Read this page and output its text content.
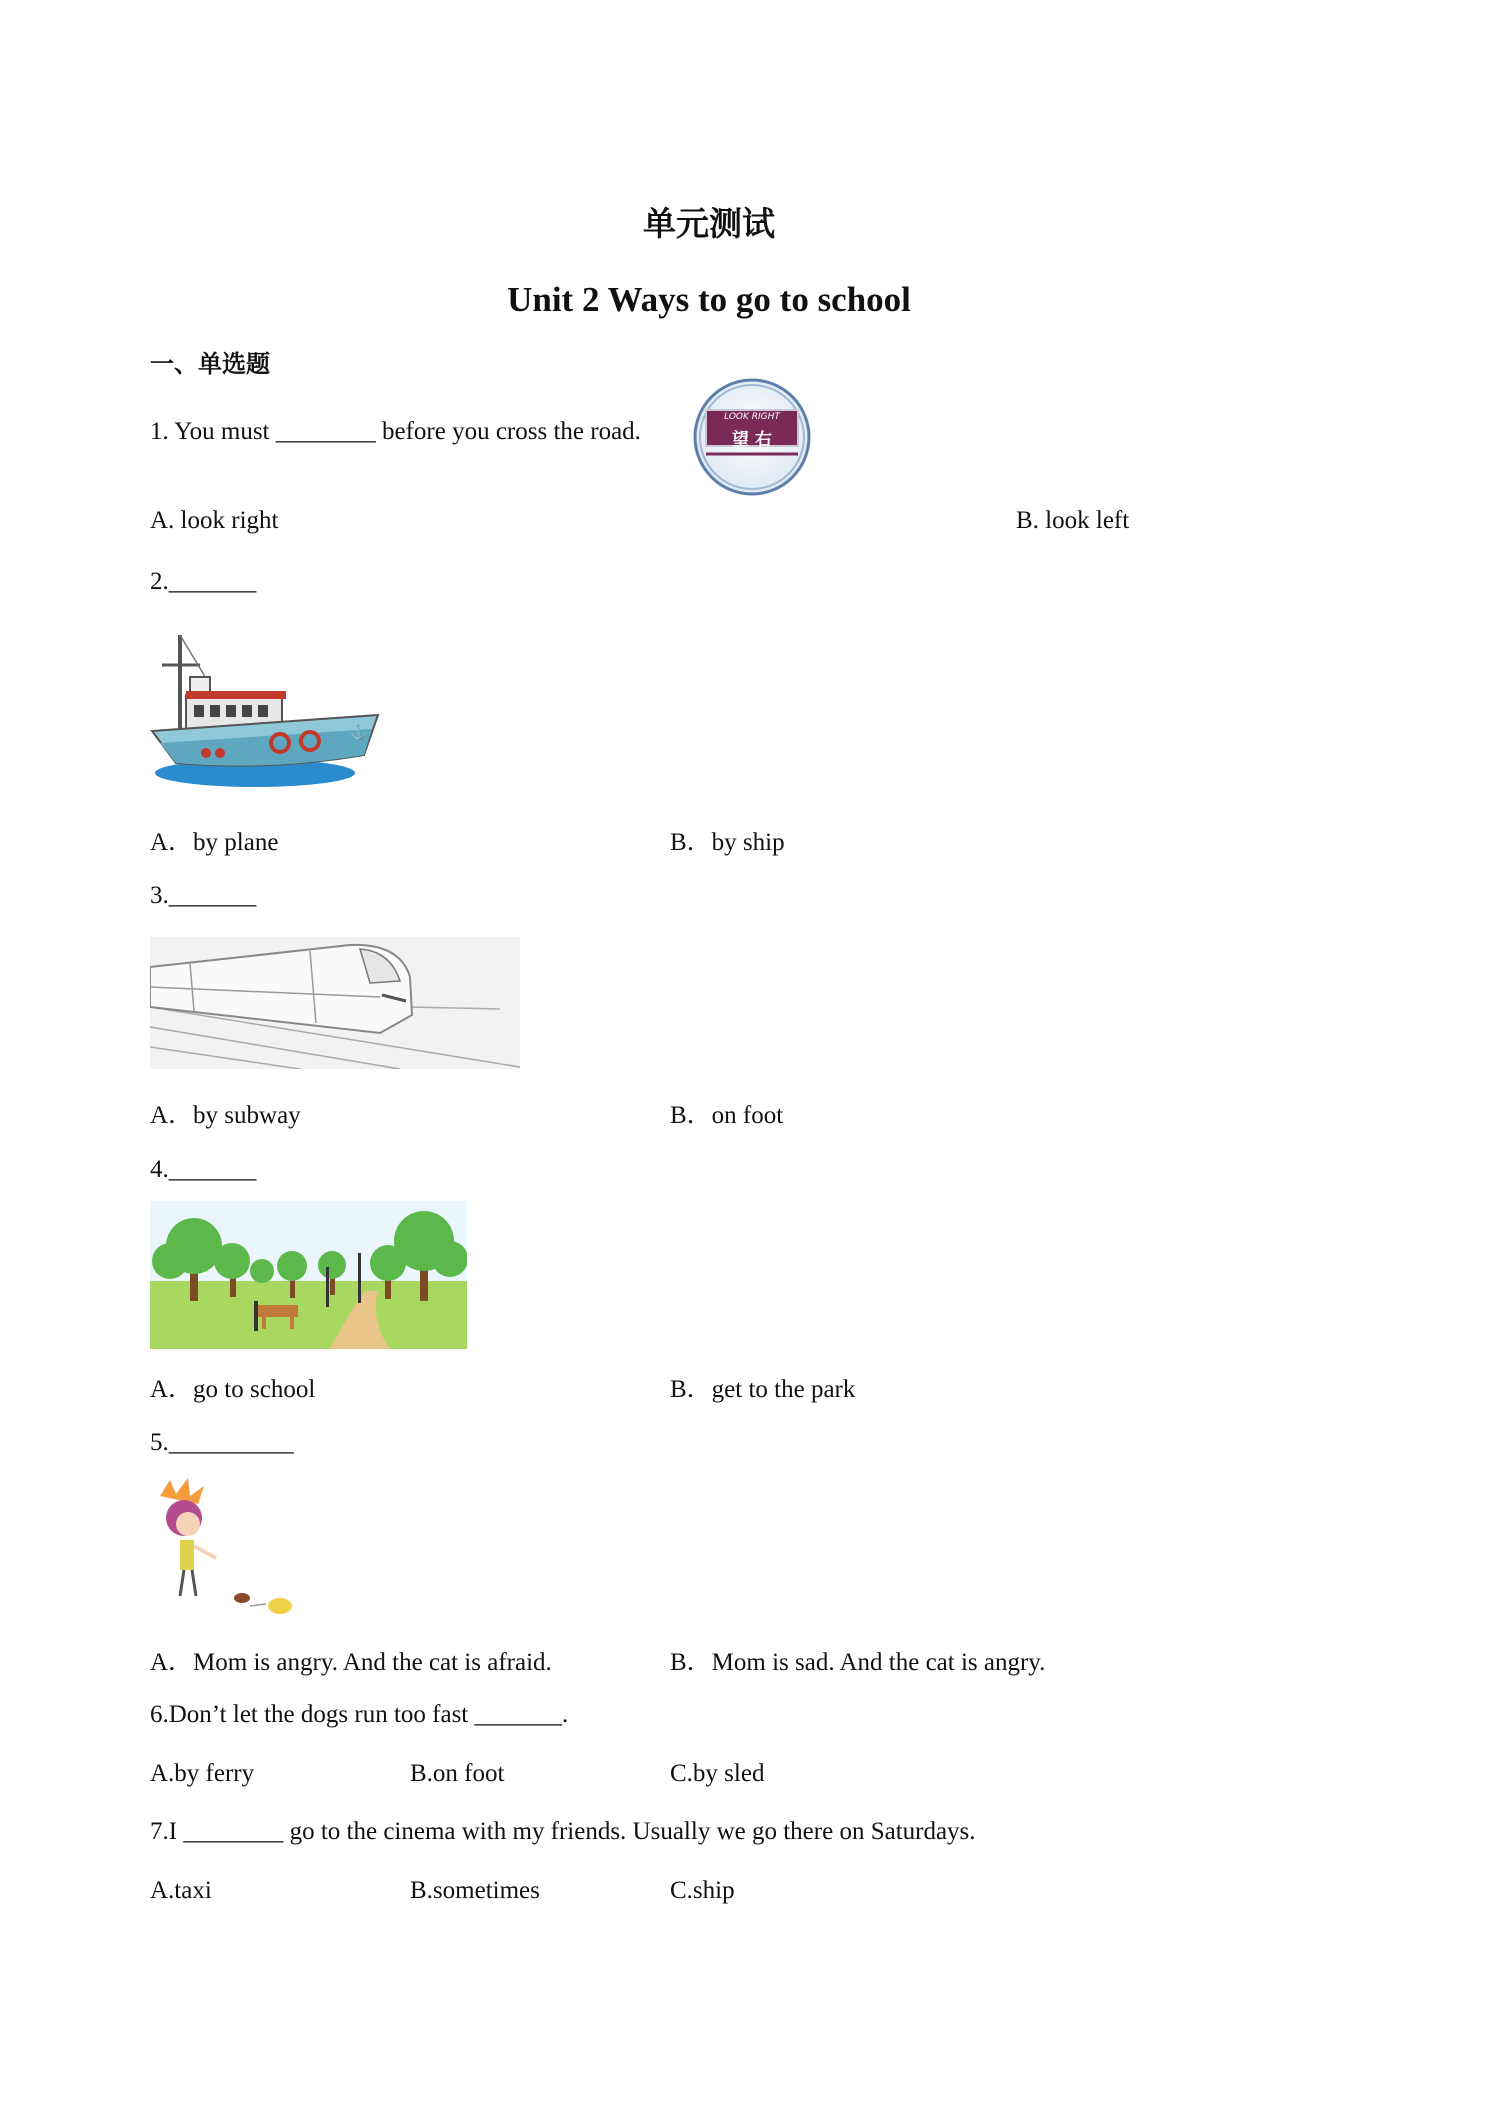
单元测试
Unit 2 Ways to go to school
一、单选题
1. You must ________ before you cross the road.
LOOK RIGHT
望 右
A. look right	B. look left
2._______
⚓
A．by plane	B．by ship
3._______
A．by subway	B．on foot
4._______
A．go to school	B．get to the park
5.__________
A．Mom is angry. And the cat is afraid.	B．Mom is sad. And the cat is angry.
6.Don’t let the dogs run too fast _______.
A.by ferry	B.on foot	C.by sled
7.I ________ go to the cinema with my friends. Usually we go there on Saturdays.
A.taxi	B.sometimes	C.ship
